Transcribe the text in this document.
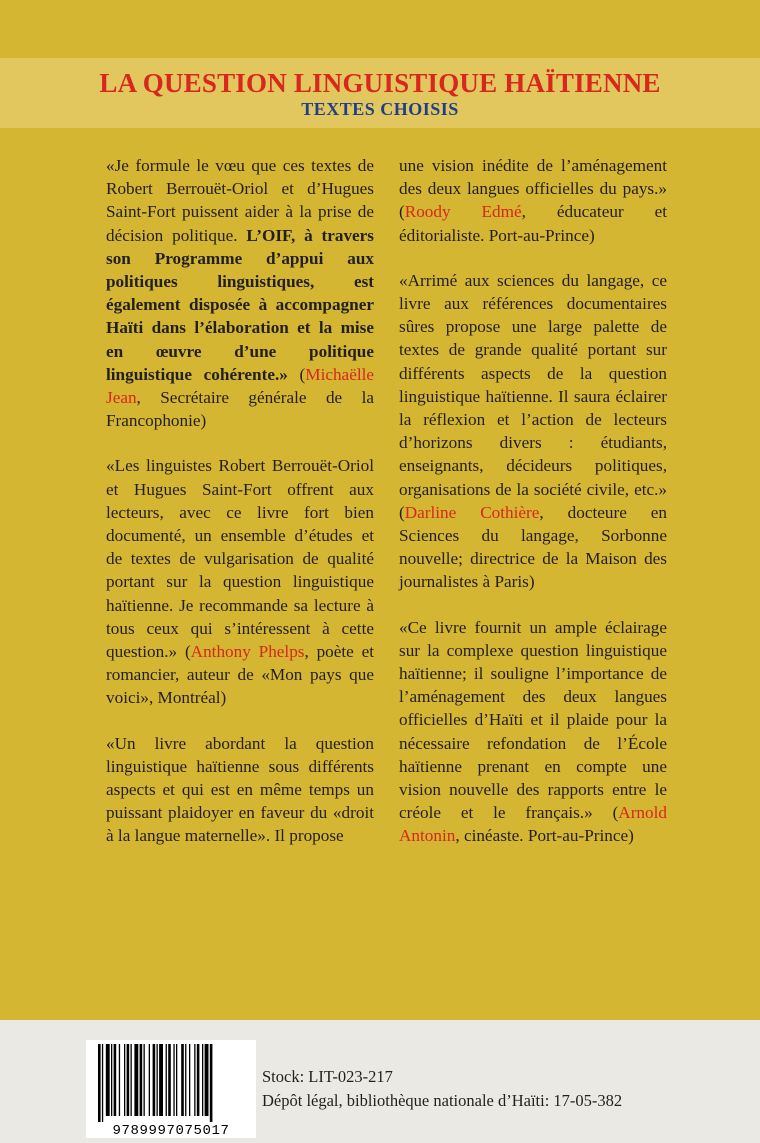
LA QUESTION LINGUISTIQUE HAÏTIENNE
TEXTES CHOISIS

«Je formule le vœu que ces textes de Robert Berrouët-Oriol et d’Hugues Saint-Fort puissent aider à la prise de décision politique. L’OIF, à travers son Programme d’appui aux politiques linguistiques, est également disposée à accompagner Haïti dans l’élaboration et la mise en œuvre d’une politique linguistique cohérente.» (Michaëlle Jean, Secrétaire générale de la Francophonie)

«Les linguistes Robert Berrouët-Oriol et Hugues Saint-Fort offrent aux lecteurs, avec ce livre fort bien documenté, un ensemble d’études et de textes de vulgarisation de qualité portant sur la question linguistique haïtienne. Je recommande sa lecture à tous ceux qui s’intéressent à cette question.» (Anthony Phelps, poète et romancier, auteur de «Mon pays que voici», Montréal)

«Un livre abordant la question linguistique haïtienne sous différents aspects et qui est en même temps un puissant plaidoyer en faveur du «droit à la langue maternelle». Il propose

une vision inédite de l’aménagement des deux langues officielles du pays.» (Roody Edmé, éducateur et éditorialiste. Port-au-Prince)

«Arrimé aux sciences du langage, ce livre aux références documentaires sûres propose une large palette de textes de grande qualité portant sur différents aspects de la question linguistique haïtienne. Il saura éclairer la réflexion et l’action de lecteurs d’horizons divers : étudiants, enseignants, décideurs politiques, organisations de la société civile, etc.» (Darline Cothière, docteure en Sciences du langage, Sorbonne nouvelle; directrice de la Maison des journalistes à Paris)

«Ce livre fournit un ample éclairage sur la complexe question linguistique haïtienne; il souligne l’importance de l’aménagement des deux langues officielles d’Haïti et il plaide pour la nécessaire refondation de l’École haïtienne prenant en compte une vision nouvelle des rapports entre le créole et le français.» (Arnold Antonin, cinéaste. Port-au-Prince)

9789997075017
Stock: LIT-023-217
Dépôt légal, bibliothèque nationale d’Haïti: 17-05-382
